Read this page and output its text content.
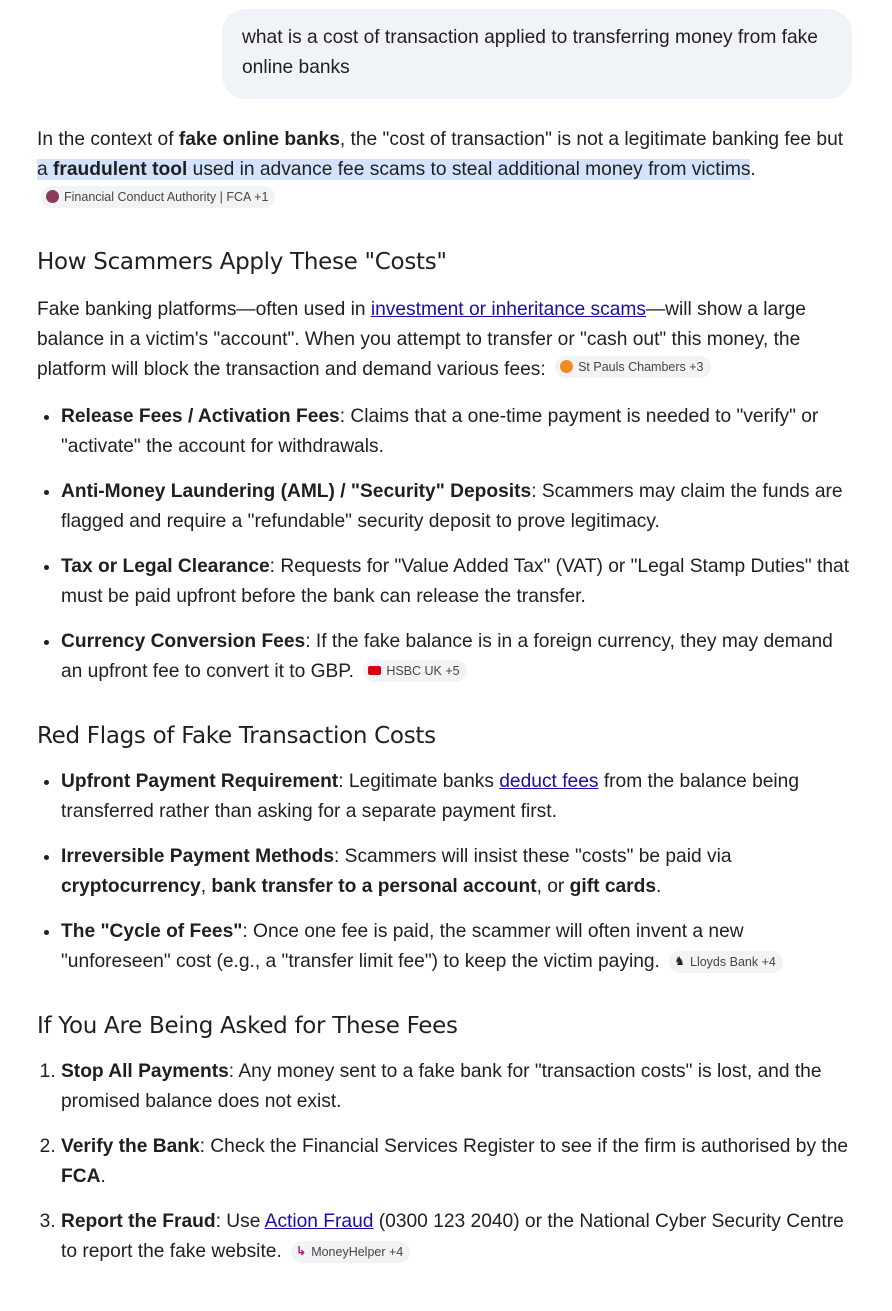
what is a cost of transaction applied to transferring money from fake online banks

In the context of fake online banks, the "cost of transaction" is not a legitimate banking fee but a fraudulent tool used in advance fee scams to steal additional money from victims.
Financial Conduct Authority | FCA +1

How Scammers Apply These "Costs"

Fake banking platforms—often used in investment or inheritance scams—will show a large balance in a victim's "account". When you attempt to transfer or "cash out" this money, the platform will block the transaction and demand various fees:	St Pauls Chambers +3

• Release Fees / Activation Fees: Claims that a one-time payment is needed to "verify" or "activate" the account for withdrawals.
• Anti-Money Laundering (AML) / "Security" Deposits: Scammers may claim the funds are flagged and require a "refundable" security deposit to prove legitimacy.
• Tax or Legal Clearance: Requests for "Value Added Tax" (VAT) or "Legal Stamp Duties" that must be paid upfront before the bank can release the transfer.
• Currency Conversion Fees: If the fake balance is in a foreign currency, they may demand an upfront fee to convert it to GBP.	HSBC UK +5
Red Flags of Fake Transaction Costs
• Upfront Payment Requirement: Legitimate banks deduct fees from the balance being transferred rather than asking for a separate payment first.
• Irreversible Payment Methods: Scammers will insist these "costs" be paid via cryptocurrency, bank transfer to a personal account, or gift cards.
• The "Cycle of Fees": Once one fee is paid, the scammer will often invent a new "unforeseen" cost (e.g., a "transfer limit fee") to keep the victim paying. ♞ Lloyds Bank +4
If You Are Being Asked for These Fees
1. Stop All Payments: Any money sent to a fake bank for "transaction costs" is lost, and the promised balance does not exist.
2. Verify the Bank: Check the Financial Services Register to see if the firm is authorised by the FCA.
3. Report the Fraud: Use Action Fraud (0300 123 2040) or the National Cyber Security Centre to report the fake website. ↳ MoneyHelper +4
